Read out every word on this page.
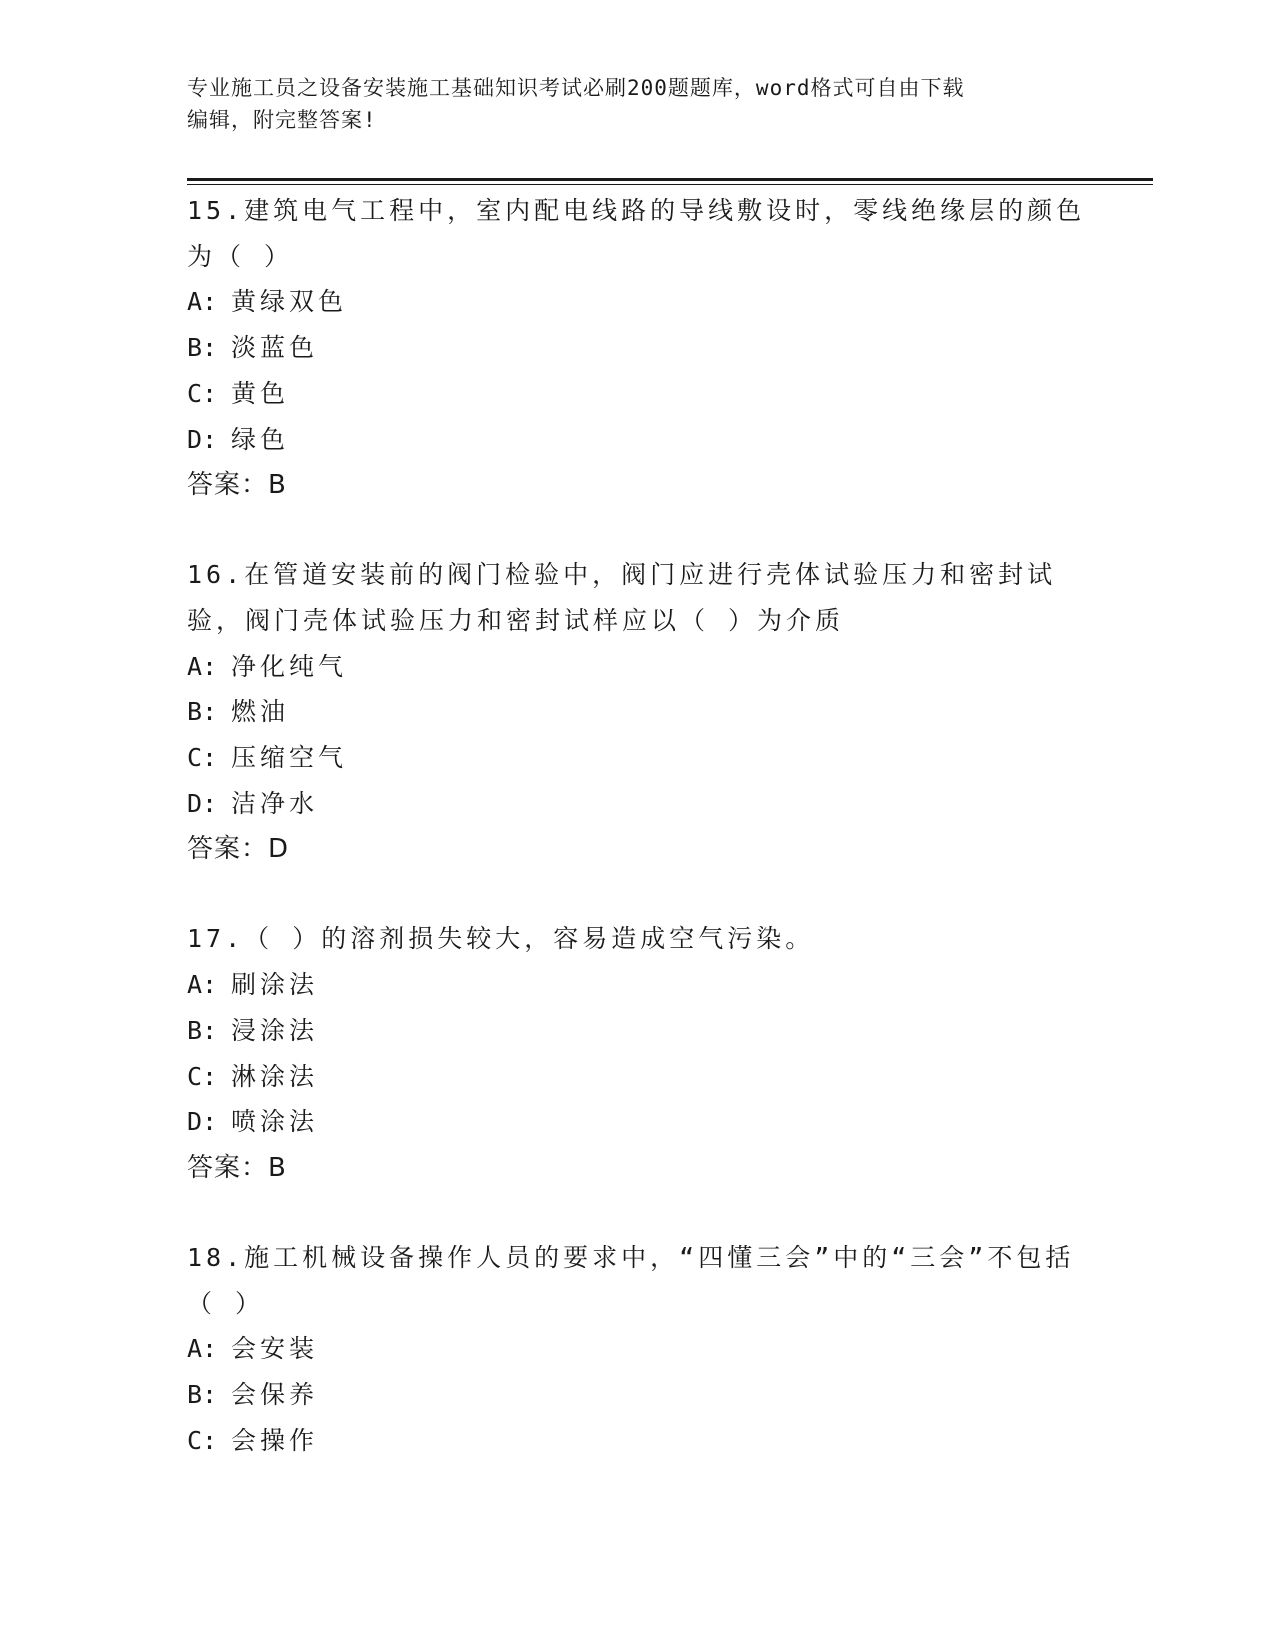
专业施工员之设备安装施工基础知识考试必刷200题题库，word格式可自由下载
编辑，附完整答案!
15.建筑电气工程中，室内配电线路的导线敷设时，零线绝缘层的颜色为（ ）
A: 黄绿双色
B: 淡蓝色
C: 黄色
D: 绿色
答案：B
16.在管道安装前的阀门检验中，阀门应进行壳体试验压力和密封试验，阀门壳体试验压力和密封试样应以（ ）为介质
A: 净化纯气
B: 燃油
C: 压缩空气
D: 洁净水
答案：D
17.（ ）的溶剂损失较大，容易造成空气污染。
A: 刷涂法
B: 浸涂法
C: 淋涂法
D: 喷涂法
答案：B
18.施工机械设备操作人员的要求中，“四懂三会”中的“三会”不包括（ ）
A: 会安装
B: 会保养
C: 会操作
